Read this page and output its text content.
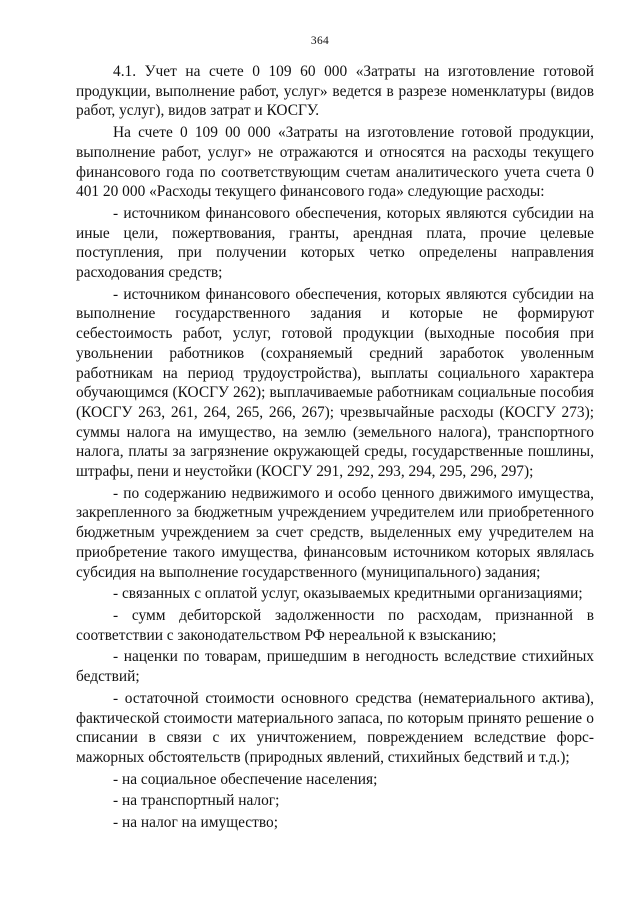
364

4.1. Учет на счете 0 109 60 000 «Затраты на изготовление готовой продукции, выполнение работ, услуг» ведется в разрезе номенклатуры (видов работ, услуг), видов затрат и КОСГУ.

На счете 0 109 00 000 «Затраты на изготовление готовой продукции, выполнение работ, услуг» не отражаются и относятся на расходы текущего финансового года по соответствующим счетам аналитического учета счета 0 401 20 000 «Расходы текущего финансового года» следующие расходы:

- источником финансового обеспечения, которых являются субсидии на иные цели, пожертвования, гранты, арендная плата, прочие целевые поступления, при получении которых четко определены направления расходования средств;

- источником финансового обеспечения, которых являются субсидии на выполнение государственного задания и которые не формируют себестоимость работ, услуг, готовой продукции (выходные пособия при увольнении работников (сохраняемый средний заработок уволенным работникам на период трудоустройства), выплаты социального характера обучающимся (КОСГУ 262); выплачиваемые работникам социальные пособия (КОСГУ 263, 261, 264, 265, 266, 267); чрезвычайные расходы (КОСГУ 273); суммы налога на имущество, на землю (земельного налога), транспортного налога, платы за загрязнение окружающей среды, государственные пошлины, штрафы, пени и неустойки (КОСГУ 291, 292, 293, 294, 295, 296, 297);

- по содержанию недвижимого и особо ценного движимого имущества, закрепленного за бюджетным учреждением учредителем или приобретенного бюджетным учреждением за счет средств, выделенных ему учредителем на приобретение такого имущества, финансовым источником которых являлась субсидия на выполнение государственного (муниципального) задания;

- связанных с оплатой услуг, оказываемых кредитными организациями;

- сумм дебиторской задолженности по расходам, признанной в соответствии с законодательством РФ нереальной к взысканию;

- наценки по товарам, пришедшим в негодность вследствие стихийных бедствий;

- остаточной стоимости основного средства (нематериального актива), фактической стоимости материального запаса, по которым принято решение о списании в связи с их уничтожением, повреждением вследствие форс-мажорных обстоятельств (природных явлений, стихийных бедствий и т.д.);

- на социальное обеспечение населения;

- на транспортный налог;

- на налог на имущество;
